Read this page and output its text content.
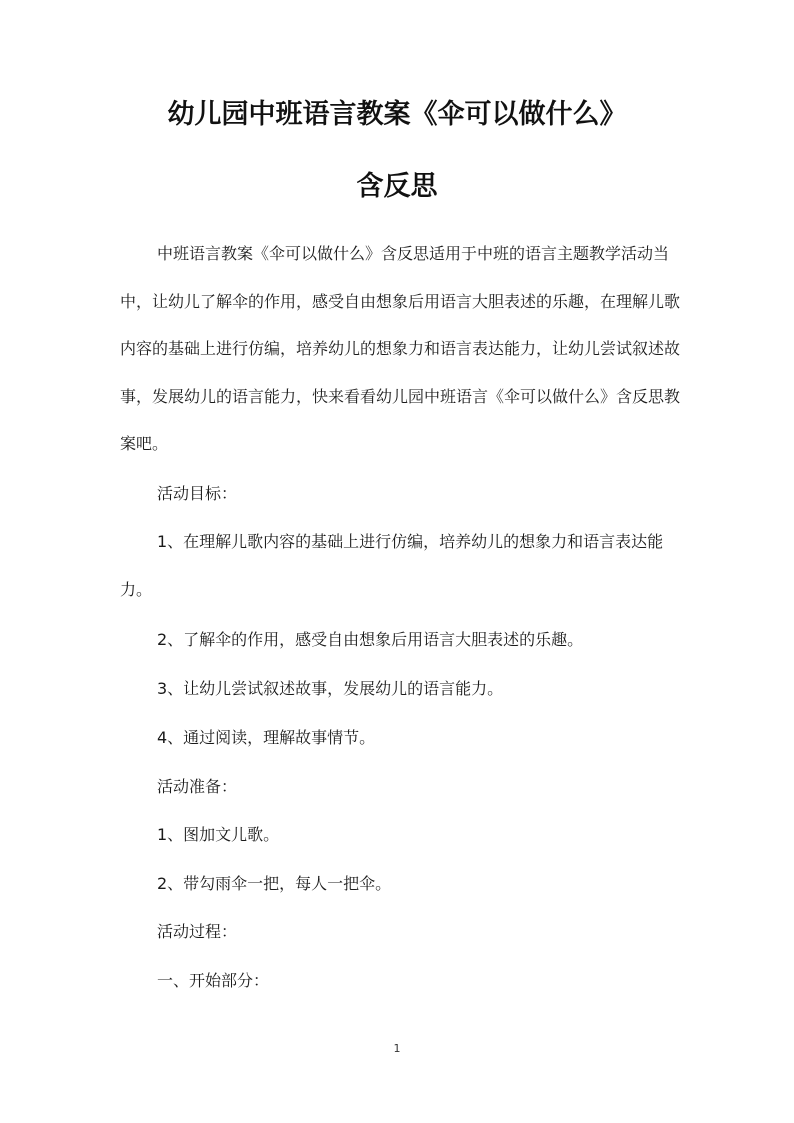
幼儿园中班语言教案《伞可以做什么》
含反思

中班语言教案《伞可以做什么》含反思适用于中班的语言主题教学活动当中，让幼儿了解伞的作用，感受自由想象后用语言大胆表述的乐趣，在理解儿歌内容的基础上进行仿编，培养幼儿的想象力和语言表达能力，让幼儿尝试叙述故事，发展幼儿的语言能力，快来看看幼儿园中班语言《伞可以做什么》含反思教案吧。

活动目标：

1、在理解儿歌内容的基础上进行仿编，培养幼儿的想象力和语言表达能力。

2、了解伞的作用，感受自由想象后用语言大胆表述的乐趣。

3、让幼儿尝试叙述故事，发展幼儿的语言能力。

4、通过阅读，理解故事情节。

活动准备：

1、图加文儿歌。

2、带勾雨伞一把，每人一把伞。

活动过程：

一、开始部分：

1
